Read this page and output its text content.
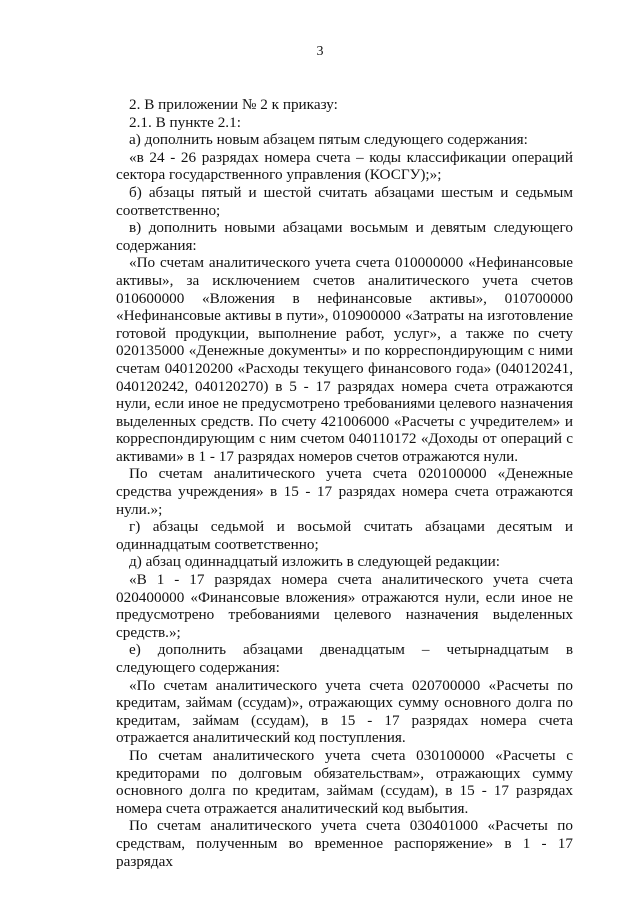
3

2. В приложении № 2 к приказу:

2.1. В пункте 2.1:

а) дополнить новым абзацем пятым следующего содержания:

«в 24 - 26 разрядах номера счета – коды классификации операций сектора государственного управления (КОСГУ);»;

б) абзацы пятый и шестой считать абзацами шестым и седьмым соответственно;

в) дополнить новыми абзацами восьмым и девятым следующего содержания:

«По счетам аналитического учета счета 010000000 «Нефинансовые активы», за исключением счетов аналитического учета счетов 010600000 «Вложения в нефинансовые активы», 010700000 «Нефинансовые активы в пути», 010900000 «Затраты на изготовление готовой продукции, выполнение работ, услуг», а также по счету 020135000 «Денежные документы» и по корреспондирующим с ними счетам 040120200 «Расходы текущего финансового года» (040120241, 040120242, 040120270) в 5 - 17 разрядах номера счета отражаются нули, если иное не предусмотрено требованиями целевого назначения выделенных средств. По счету 421006000 «Расчеты с учредителем» и корреспондирующим с ним счетом 040110172 «Доходы от операций с активами» в 1 - 17 разрядах номеров счетов отражаются нули.

По счетам аналитического учета счета 020100000 «Денежные средства учреждения» в 15 - 17 разрядах номера счета отражаются нули.»;

г) абзацы седьмой и восьмой считать абзацами десятым и одиннадцатым соответственно;

д) абзац одиннадцатый изложить в следующей редакции:

«В 1 - 17 разрядах номера счета аналитического учета счета 020400000 «Финансовые вложения» отражаются нули, если иное не предусмотрено требованиями целевого назначения выделенных средств.»;

е) дополнить абзацами двенадцатым – четырнадцатым в следующего содержания:

«По счетам аналитического учета счета 020700000 «Расчеты по кредитам, займам (ссудам)», отражающих сумму основного долга по кредитам, займам (ссудам), в 15 - 17 разрядах номера счета отражается аналитический код поступления.

По счетам аналитического учета счета 030100000 «Расчеты с кредиторами по долговым обязательствам», отражающих сумму основного долга по кредитам, займам (ссудам), в 15 - 17 разрядах номера счета отражается аналитический код выбытия.

По счетам аналитического учета счета 030401000 «Расчеты по средствам, полученным во временное распоряжение» в 1 - 17 разрядах
